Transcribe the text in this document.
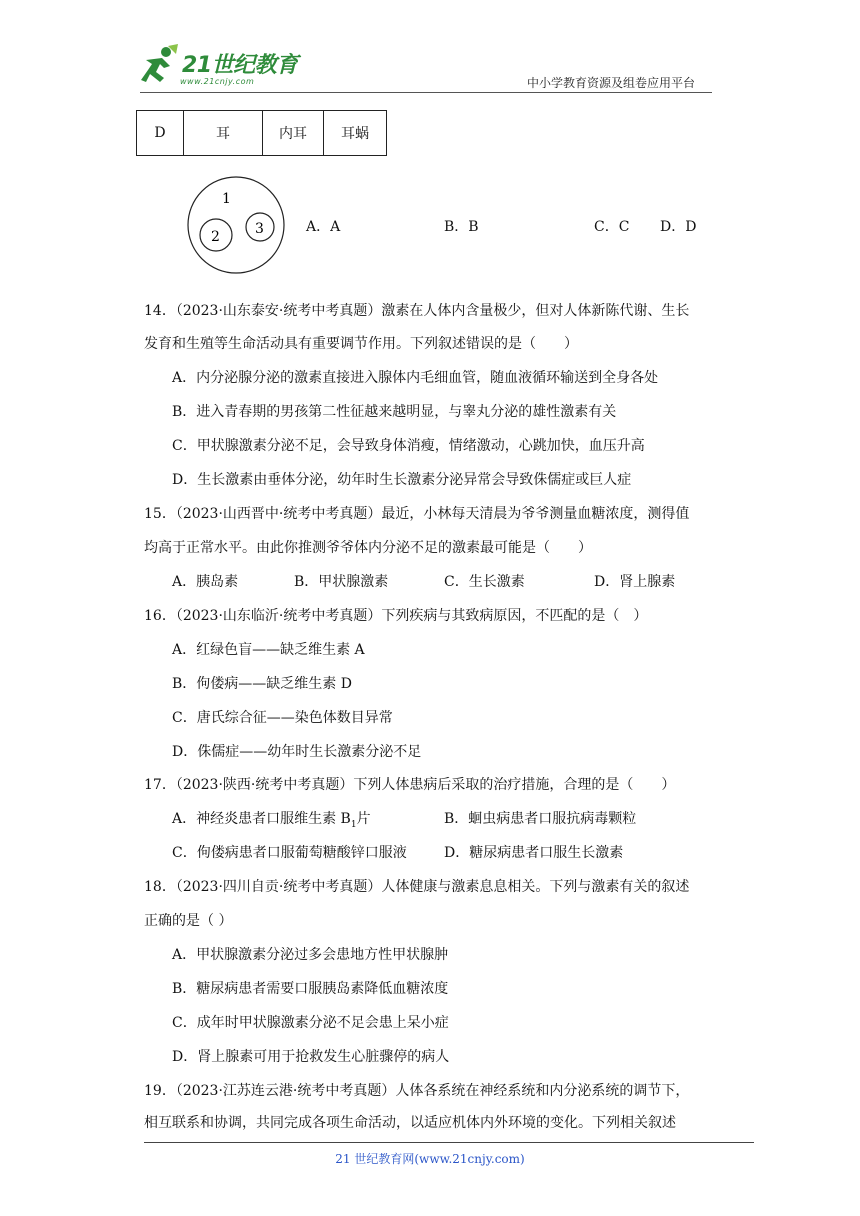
21世纪教育
www.21cnjy.com	中小学教育资源及组卷应用平台
D	耳	内耳	耳蜗
1
2	3	A．A	B．B	C．C D．D
14．（2023·山东泰安·统考中考真题）激素在人体内含量极少，但对人体新陈代谢、生长
发育和生殖等生命活动具有重要调节作用。下列叙述错误的是（　　）
A．内分泌腺分泌的激素直接进入腺体内毛细血管，随血液循环输送到全身各处
B．进入青春期的男孩第二性征越来越明显，与睾丸分泌的雄性激素有关
C．甲状腺激素分泌不足，会导致身体消瘦，情绪激动，心跳加快，血压升高
D．生长激素由垂体分泌，幼年时生长激素分泌异常会导致侏儒症或巨人症
15．（2023·山西晋中·统考中考真题）最近，小林每天清晨为爷爷测量血糖浓度，测得值
均高于正常水平。由此你推测爷爷体内分泌不足的激素最可能是（　　）
A．胰岛素	B．甲状腺激素	C．生长激素	D．肾上腺素
16．（2023·山东临沂·统考中考真题）下列疾病与其致病原因，不匹配的是（　）
A．红绿色盲——缺乏维生素 A
B．佝偻病——缺乏维生素 D
C．唐氏综合征——染色体数目异常
D．侏儒症——幼年时生长激素分泌不足
17．（2023·陕西·统考中考真题）下列人体患病后采取的治疗措施，合理的是（　　）
A．神经炎患者口服维生素 $B_1$片	B．蛔虫病患者口服抗病毒颗粒
C．佝偻病患者口服葡萄糖酸锌口服液	D．糖尿病患者口服生长激素
18．（2023·四川自贡·统考中考真题）人体健康与激素息息相关。下列与激素有关的叙述
正确的是（ ）
A．甲状腺激素分泌过多会患地方性甲状腺肿
B．糖尿病患者需要口服胰岛素降低血糖浓度
C．成年时甲状腺激素分泌不足会患上呆小症
D．肾上腺素可用于抢救发生心脏骤停的病人
19．（2023·江苏连云港·统考中考真题）人体各系统在神经系统和内分泌系统的调节下，
相互联系和协调，共同完成各项生命活动，以适应机体内外环境的变化。下列相关叙述
21 世纪教育网(www.21cnjy.com)
